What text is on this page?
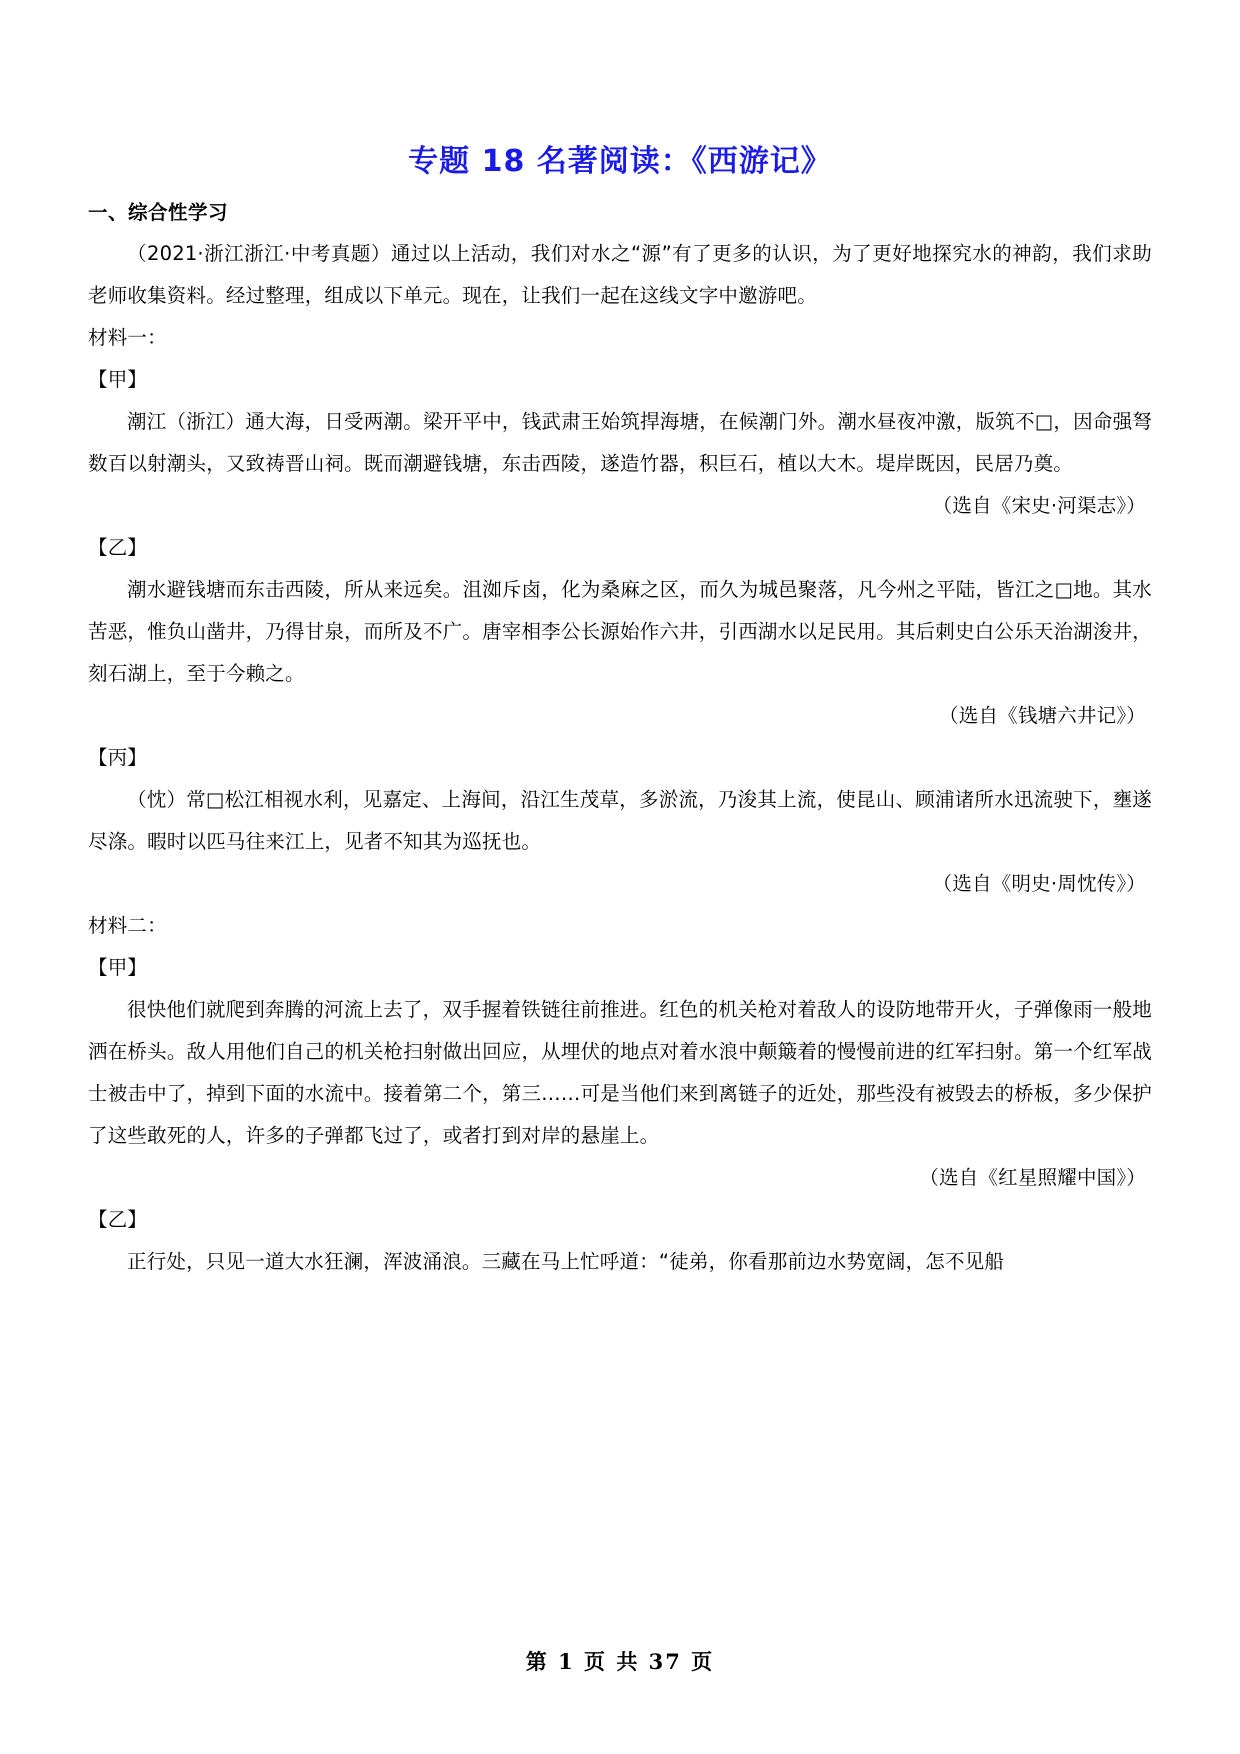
专题 18 名著阅读：《西游记》
一、综合性学习

（2021·浙江浙江·中考真题）通过以上活动，我们对水之“源”有了更多的认识，为了更好地探究水的神韵，我们求助老师收集资料。经过整理，组成以下单元。现在，让我们一起在这线文字中邀游吧。

材料一：

【甲】

潮江（浙江）通大海，日受两潮。梁开平中，钱武肃王始筑捍海塘，在候潮门外。潮水昼夜冲激，版筑不□，因命强弩数百以射潮头，又致祷晋山祠。既而潮避钱塘，东击西陵，遂造竹器，积巨石，植以大木。堤岸既因，民居乃奠。

（选自《宋史·河渠志》）

【乙】

潮水避钱塘而东击西陵，所从来远矣。沮洳斥卤，化为桑麻之区，而久为城邑聚落，凡今州之平陆，皆江之□地。其水苦恶，惟负山凿井，乃得甘泉，而所及不广。唐宰相李公长源始作六井，引西湖水以足民用。其后刺史白公乐天治湖浚井，刻石湖上，至于今赖之。

（选自《钱塘六井记》）

【丙】

（忱）常□松江相视水利，见嘉定、上海间，沿江生茂草，多淤流，乃浚其上流，使昆山、顾浦诸所水迅流驶下，壅遂尽涤。暇时以匹马往来江上，见者不知其为巡抚也。

（选自《明史·周忱传》）

材料二：

【甲】

很快他们就爬到奔腾的河流上去了，双手握着铁链往前推进。红色的机关枪对着敌人的设防地带开火，子弹像雨一般地洒在桥头。敌人用他们自己的机关枪扫射做出回应，从埋伏的地点对着水浪中颠簸着的慢慢前进的红军扫射。第一个红军战士被击中了，掉到下面的水流中。接着第二个，第三……可是当他们来到离链子的近处，那些没有被毁去的桥板，多少保护了这些敢死的人，许多的子弹都飞过了，或者打到对岸的悬崖上。

（选自《红星照耀中国》）

【乙】

正行处，只见一道大水狂澜，浑波涌浪。三藏在马上忙呼道：“徒弟，你看那前边水势宽阔，怎不见船

第 1 页 共 37 页
